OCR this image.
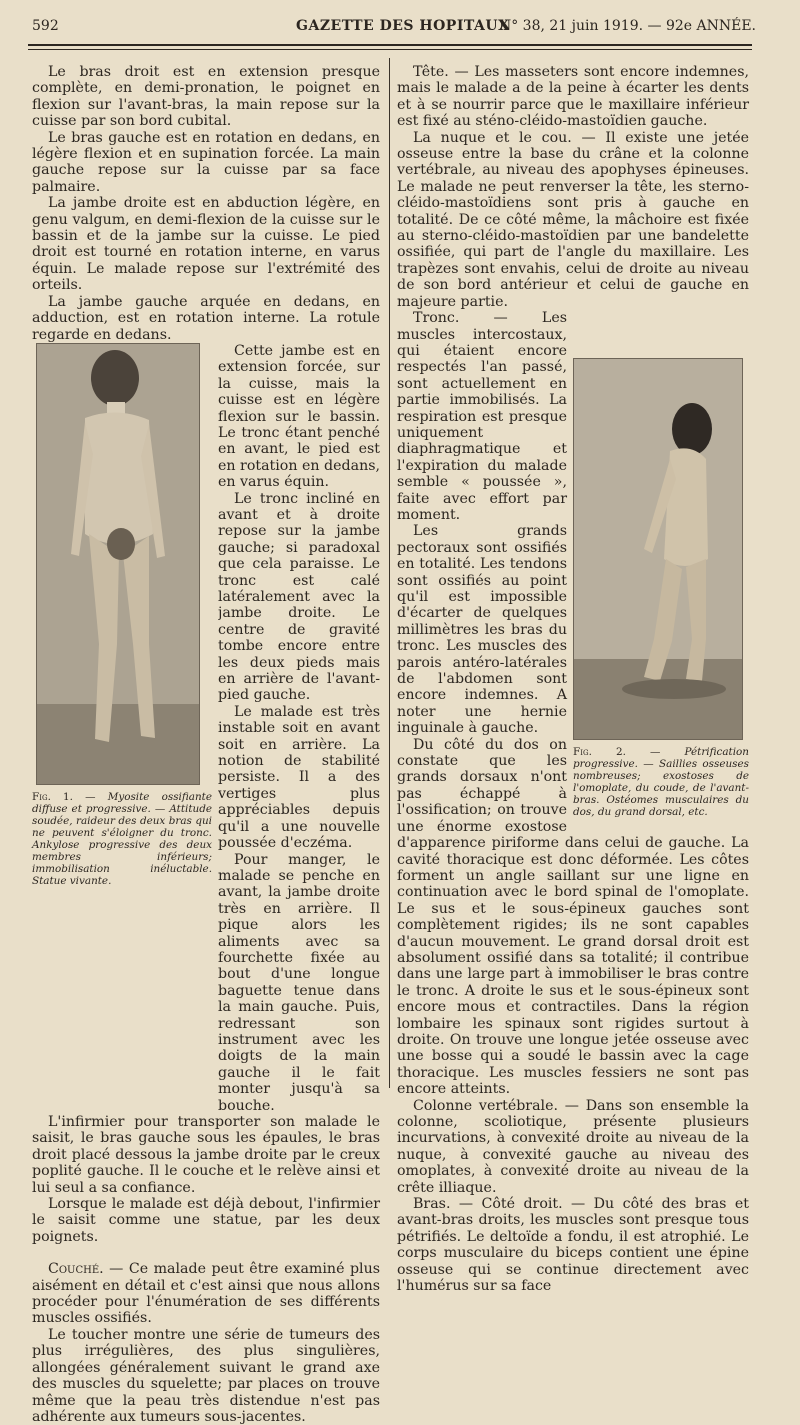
592	GAZETTE DES HOPITAUX
N° 38, 21 juin 1919. — 92e ANNÉE.

Le bras droit est en extension presque complète, en demi-pronation, le poignet en flexion sur l'avant-bras, la main repose sur la cuisse par son bord cubital.

Le bras gauche est en rotation en dedans, en légère flexion et en supination forcée. La main gauche repose sur la cuisse par sa face palmaire.

La jambe droite est en abduction légère, en genu valgum, en demi-flexion de la cuisse sur le bassin et de la jambe sur la cuisse. Le pied droit est tourné en rotation interne, en varus équin. Le malade repose sur l'extrémité des orteils.

La jambe gauche arquée en dedans, en adduction, est en rotation interne. La rotule regarde en dedans.

Fig. 1. — Myosite ossifiante diffuse et progressive. — Attitude soudée, raideur des deux bras qui ne peuvent s'éloigner du tronc. Ankylose progressive des deux membres inférieurs; immobilisation inéluctable. Statue vivante.

Cette jambe est en extension forcée, sur la cuisse, mais la cuisse est en légère flexion sur le bassin. Le tronc étant penché en avant, le pied est en rotation en dedans, en varus équin.

Le tronc incliné en avant et à droite repose sur la jambe gauche; si paradoxal que cela paraisse. Le tronc est calé latéralement avec la jambe droite. Le centre de gravité tombe encore entre les deux pieds mais en arrière de l'avant-pied gauche.

Le malade est très instable soit en avant soit en arrière. La notion de stabilité persiste. Il a des vertiges plus appréciables depuis qu'il a une nouvelle poussée d'eczéma.

Pour manger, le malade se penche en avant, la jambe droite très en arrière. Il pique alors les aliments avec sa fourchette fixée au bout d'une longue baguette tenue dans la main gauche. Puis, redressant son instrument avec les doigts de la main gauche il le fait monter jusqu'à sa bouche.

L'infirmier pour transporter son malade le saisit, le bras gauche sous les épaules, le bras droit placé dessous la jambe droite par le creux poplité gauche. Il le couche et le relève ainsi et lui seul a sa confiance.

Lorsque le malade est déjà debout, l'infirmier le saisit comme une statue, par les deux poignets.

Couché. — Ce malade peut être examiné plus aisément en détail et c'est ainsi que nous allons procéder pour l'énumération de ses différents muscles ossifiés.

Le toucher montre une série de tumeurs des plus irrégulières, des plus singulières, allongées généralement suivant le grand axe des muscles du squelette; par places on trouve même que la peau très distendue n'est pas adhérente aux tumeurs sous-jacentes.

Tête. — Les masseters sont encore indemnes, mais le malade a de la peine à écarter les dents et à se nourrir parce que le maxillaire inférieur est fixé au sténo-cléido-mastoïdien gauche.

La nuque et le cou. — Il existe une jetée osseuse entre la base du crâne et la colonne vertébrale, au niveau des apophyses épineuses. Le malade ne peut renverser la tête, les sterno-cléido-mastoïdiens sont pris à gauche en totalité. De ce côté même, la mâchoire est fixée au sterno-cléido-mastoïdien par une bandelette ossifiée, qui part de l'angle du maxillaire. Les trapèzes sont envahis, celui de droite au niveau de son bord antérieur et celui de gauche en majeure partie.

Fig. 2. — Pétrification progressive. — Saillies osseuses nombreuses; exostoses de l'omoplate, du coude, de l'avant-bras. Ostéomes musculaires du dos, du grand dorsal, etc.

Tronc. — Les muscles intercostaux, qui étaient encore respectés l'an passé, sont actuellement en partie immobilisés. La respiration est presque uniquement diaphragmatique et l'expiration du malade semble « poussée », faite avec effort par moment.

Les grands pectoraux sont ossifiés en totalité. Les tendons sont ossifiés au point qu'il est impossible d'écarter de quelques millimètres les bras du tronc. Les muscles des parois antéro-latérales de l'abdomen sont encore indemnes. A noter une hernie inguinale à gauche.

Du côté du dos on constate que les grands dorsaux n'ont pas échappé à l'ossification; on trouve une énorme exostose d'apparence piriforme dans celui de gauche. La cavité thoracique est donc déformée. Les côtes forment un angle saillant sur une ligne en continuation avec le bord spinal de l'omoplate. Le sus et le sous-épineux gauches sont complètement rigides; ils ne sont capables d'aucun mouvement. Le grand dorsal droit est absolument ossifié dans sa totalité; il contribue dans une large part à immobiliser le bras contre le tronc. A droite le sus et le sous-épineux sont encore mous et contractiles. Dans la région lombaire les spinaux sont rigides surtout à droite. On trouve une longue jetée osseuse avec une bosse qui a soudé le bassin avec la cage thoracique. Les muscles fessiers ne sont pas encore atteints.

Colonne vertébrale. — Dans son ensemble la colonne, scoliotique, présente plusieurs incurvations, à convexité droite au niveau de la nuque, à convexité gauche au niveau des omoplates, à convexité droite au niveau de la crête illiaque.

Bras. — Côté droit. — Du côté des bras et avant-bras droits, les muscles sont presque tous pétrifiés. Le deltoïde a fondu, il est atrophié. Le corps musculaire du biceps contient une épine osseuse qui se continue directement avec l'humérus sur sa face
